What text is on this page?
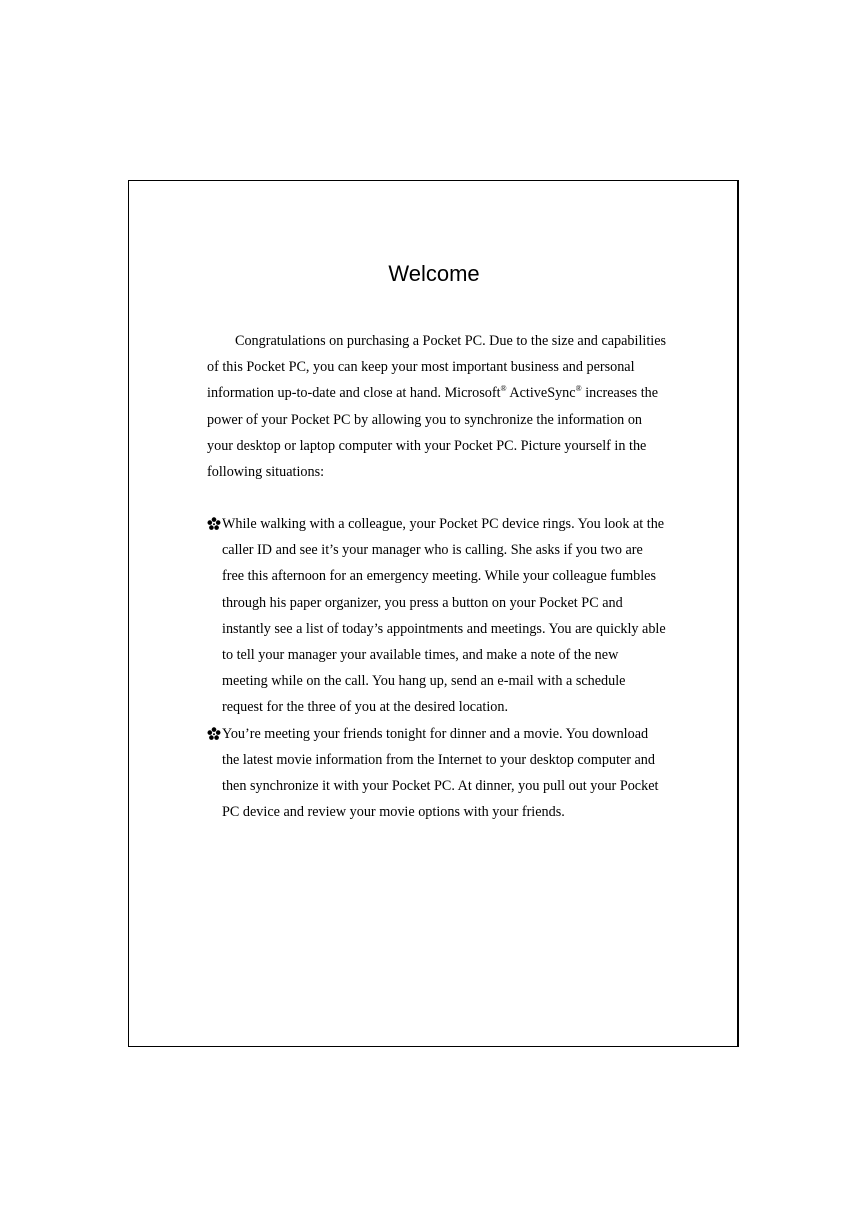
Welcome

Congratulations on purchasing a Pocket PC. Due to the size and capabilities of this Pocket PC, you can keep your most important business and personal information up-to-date and close at hand. Microsoft® ActiveSync® increases the power of your Pocket PC by allowing you to synchronize the information on your desktop or laptop computer with your Pocket PC. Picture yourself in the following situations:

While walking with a colleague, your Pocket PC device rings. You look at the caller ID and see it’s your manager who is calling. She asks if you two are free this afternoon for an emergency meeting. While your colleague fumbles through his paper organizer, you press a button on your Pocket PC and instantly see a list of today’s appointments and meetings. You are quickly able to tell your manager your available times, and make a note of the new meeting while on the call. You hang up, send an e-mail with a schedule request for the three of you at the desired location.
You’re meeting your friends tonight for dinner and a movie. You download the latest movie information from the Internet to your desktop computer and then synchronize it with your Pocket PC. At dinner, you pull out your Pocket PC device and review your movie options with your friends.
